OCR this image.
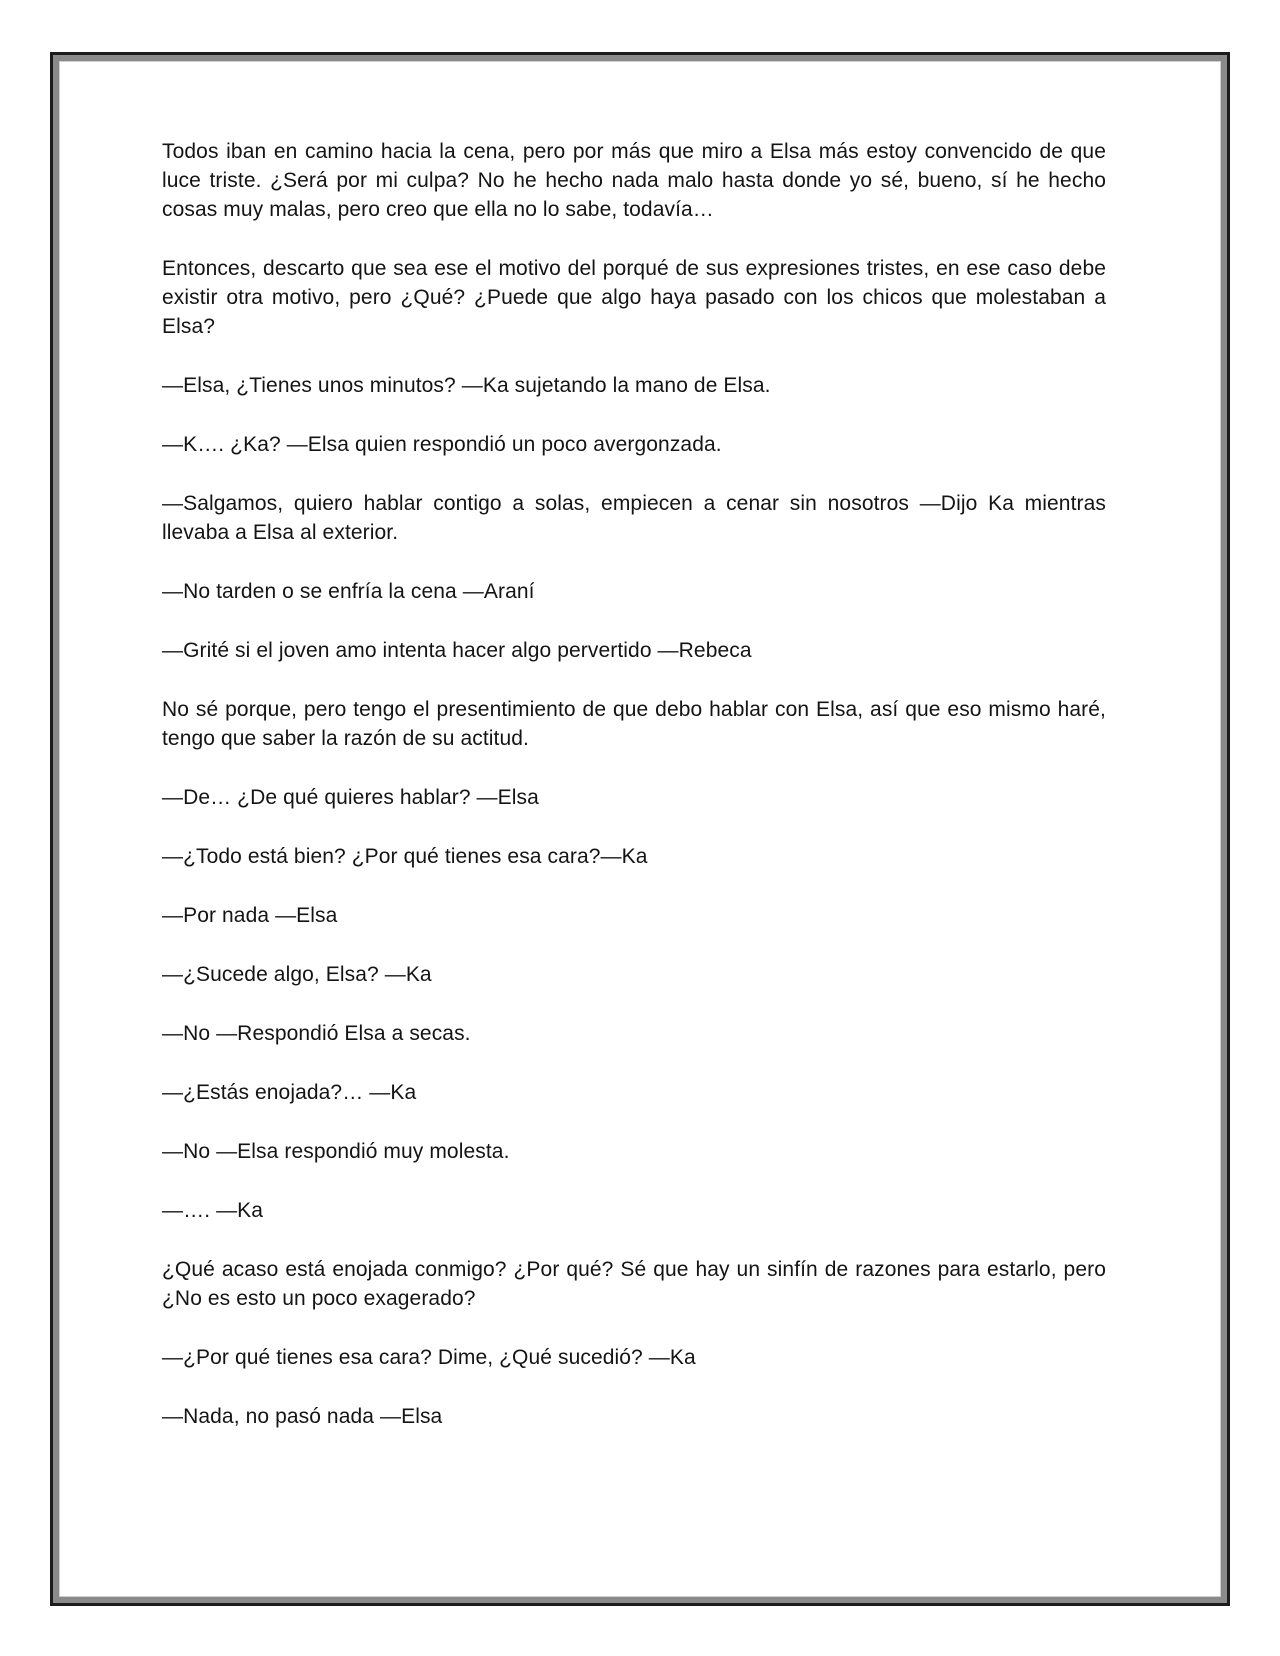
Todos iban en camino hacia la cena, pero por más que miro a Elsa más estoy convencido de que luce triste. ¿Será por mi culpa? No he hecho nada malo hasta donde yo sé, bueno, sí he hecho cosas muy malas, pero creo que ella no lo sabe, todavía…

Entonces, descarto que sea ese el motivo del porqué de sus expresiones tristes, en ese caso debe existir otra motivo, pero ¿Qué? ¿Puede que algo haya pasado con los chicos que molestaban a Elsa?

—Elsa, ¿Tienes unos minutos? —Ka sujetando la mano de Elsa.

—K…. ¿Ka? —Elsa quien respondió un poco avergonzada.

—Salgamos, quiero hablar contigo a solas, empiecen a cenar sin nosotros —Dijo Ka mientras llevaba a Elsa al exterior.

—No tarden o se enfría la cena —Araní

—Grité si el joven amo intenta hacer algo pervertido —Rebeca

No sé porque, pero tengo el presentimiento de que debo hablar con Elsa, así que eso mismo haré, tengo que saber la razón de su actitud.

—De… ¿De qué quieres hablar? —Elsa

—¿Todo está bien? ¿Por qué tienes esa cara?—Ka

—Por nada —Elsa

—¿Sucede algo, Elsa? —Ka

—No —Respondió Elsa a secas.

—¿Estás enojada?… —Ka

—No —Elsa respondió muy molesta.

—…. —Ka

¿Qué acaso está enojada conmigo? ¿Por qué? Sé que hay un sinfín de razones para estarlo, pero ¿No es esto un poco exagerado?

—¿Por qué tienes esa cara? Dime, ¿Qué sucedió? —Ka

—Nada, no pasó nada —Elsa
